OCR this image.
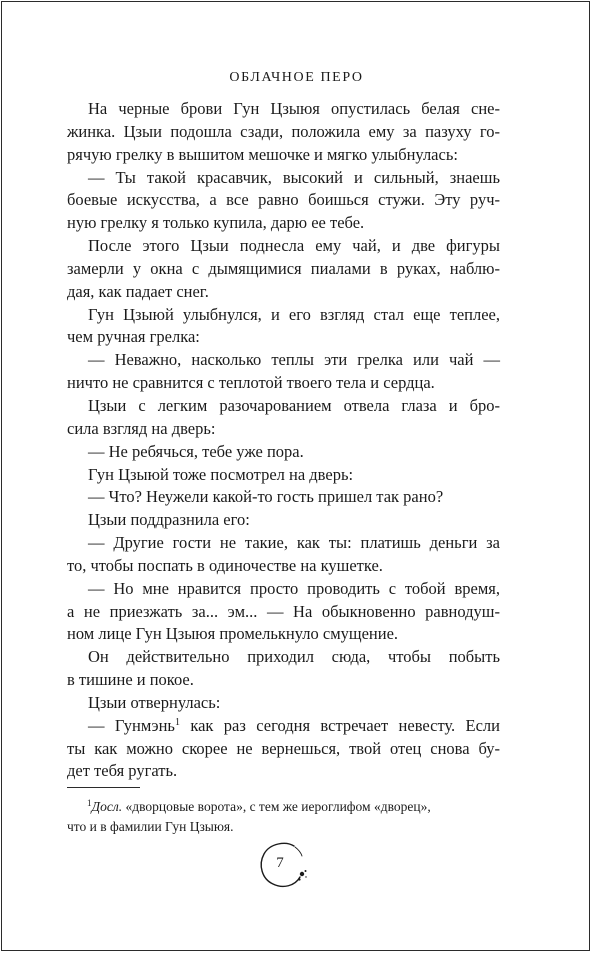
ОБЛАЧНОЕ ПЕРО

На черные брови Гун Цзыюя опустилась белая сне-
жинка. Цзыи подошла сзади, положила ему за пазуху го-
рячую грелку в вышитом мешочке и мягко улыбнулась:

— Ты такой красавчик, высокий и сильный, знаешь
боевые искусства, а все равно боишься стужи. Эту руч-
ную грелку я только купила, дарю ее тебе.

После этого Цзыи поднесла ему чай, и две фигуры
замерли у окна с дымящимися пиалами в руках, наблю-
дая, как падает снег.

Гун Цзыюй улыбнулся, и его взгляд стал еще теплее,
чем ручная грелка:

— Неважно, насколько теплы эти грелка или чай —
ничто не сравнится с теплотой твоего тела и сердца.

Цзыи с легким разочарованием отвела глаза и бро-
сила взгляд на дверь:

— Не ребячься, тебе уже пора.

Гун Цзыюй тоже посмотрел на дверь:

— Что? Неужели какой-то гость пришел так рано?

Цзыи поддразнила его:

— Другие гости не такие, как ты: платишь деньги за
то, чтобы поспать в одиночестве на кушетке.

— Но мне нравится просто проводить с тобой время,
а не приезжать за... эм... — На обыкновенно равнодуш-
ном лице Гун Цзыюя промелькнуло смущение.

Он действительно приходил сюда, чтобы побыть
в тишине и покое.

Цзыи отвернулась:

— Гунмэнь$^1$ как раз сегодня встречает невесту. Если
ты как можно скорее не вернешься, твой отец снова бу-
дет тебя ругать.

$^1$Досл. «дворцовые ворота», с тем же иероглифом «дворец»,
что и в фамилии Гун Цзыюя.
7
